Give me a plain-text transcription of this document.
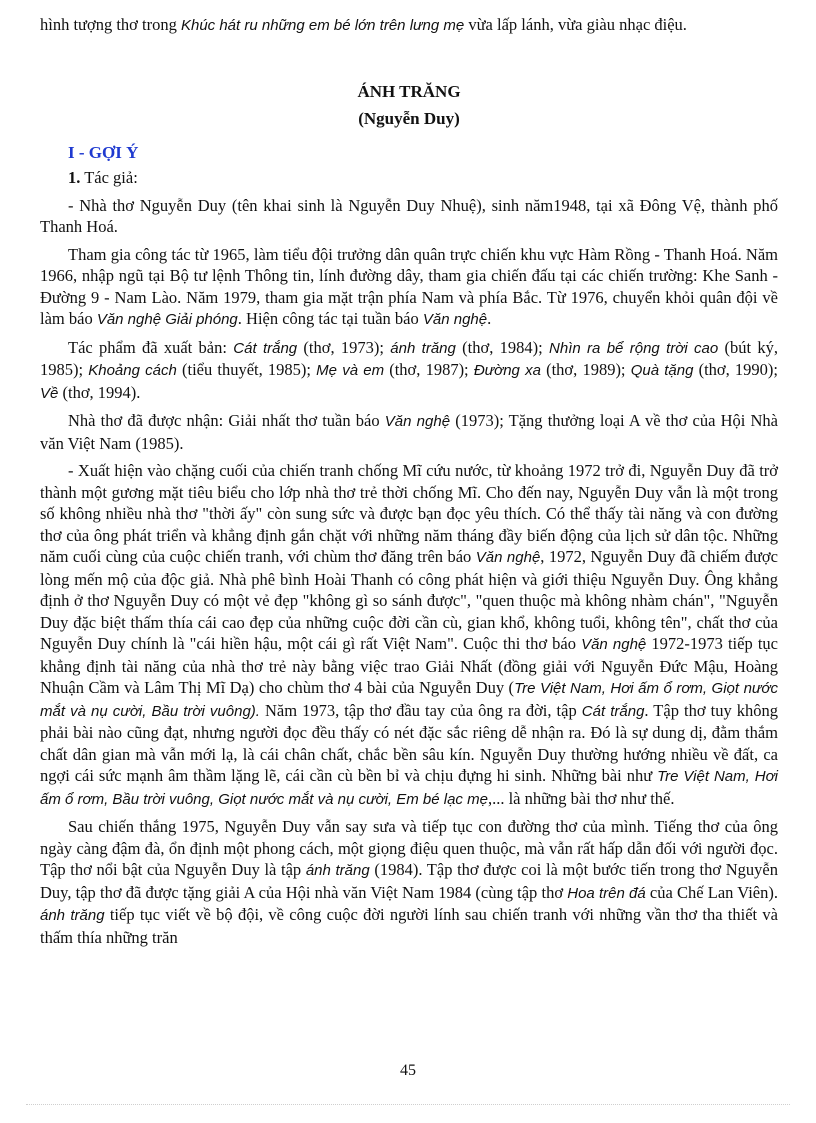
hình tượng thơ trong Khúc hát ru những em bé lớn trên lưng mẹ vừa lấp lánh, vừa giàu nhạc điệu.

ÁNH TRĂNG
(Nguyễn Duy)
I - GỢI Ý

1. Tác giả:

- Nhà thơ Nguyễn Duy (tên khai sinh là Nguyễn Duy Nhuệ), sinh năm1948, tại xã Đông Vệ, thành phố Thanh Hoá.

Tham gia công tác từ 1965, làm tiểu đội trưởng dân quân trực chiến khu vực Hàm Rồng - Thanh Hoá. Năm 1966, nhập ngũ tại Bộ tư lệnh Thông tin, lính đường dây, tham gia chiến đấu tại các chiến trường: Khe Sanh - Đường 9 - Nam Lào. Năm 1979, tham gia mặt trận phía Nam và phía Bắc. Từ 1976, chuyển khỏi quân đội về làm báo Văn nghệ Giải phóng. Hiện công tác tại tuần báo Văn nghệ.

Tác phẩm đã xuất bản: Cát trắng (thơ, 1973); ánh trăng (thơ, 1984); Nhìn ra bể rộng trời cao (bút ký, 1985); Khoảng cách (tiểu thuyết, 1985); Mẹ và em (thơ, 1987); Đường xa (thơ, 1989); Quà tặng (thơ, 1990); Về (thơ, 1994).

Nhà thơ đã được nhận: Giải nhất thơ tuần báo Văn nghệ (1973); Tặng thưởng loại A về thơ của Hội Nhà văn Việt Nam (1985).

- Xuất hiện vào chặng cuối của chiến tranh chống Mĩ cứu nước, từ khoảng 1972 trở đi, Nguyễn Duy đã trở thành một gương mặt tiêu biểu cho lớp nhà thơ trẻ thời chống Mĩ. Cho đến nay, Nguyễn Duy vẫn là một trong số không nhiều nhà thơ "thời ấy" còn sung sức và được bạn đọc yêu thích. Có thể thấy tài năng và con đường thơ của ông phát triển và khẳng định gắn chặt với những năm tháng đầy biến động của lịch sử dân tộc. Những năm cuối cùng của cuộc chiến tranh, với chùm thơ đăng trên báo Văn nghệ, 1972, Nguyễn Duy đã chiếm được lòng mến mộ của độc giả. Nhà phê bình Hoài Thanh có công phát hiện và giới thiệu Nguyễn Duy. Ông khẳng định ở thơ Nguyễn Duy có một vẻ đẹp "không gì so sánh được", "quen thuộc mà không nhàm chán", "Nguyễn Duy đặc biệt thấm thía cái cao đẹp của những cuộc đời cần cù, gian khổ, không tuổi, không tên", chất thơ của Nguyễn Duy chính là "cái hiền hậu, một cái gì rất Việt Nam". Cuộc thi thơ báo Văn nghệ 1972-1973 tiếp tục khẳng định tài năng của nhà thơ trẻ này bằng việc trao Giải Nhất (đồng giải với Nguyễn Đức Mậu, Hoàng Nhuận Cầm và Lâm Thị Mĩ Dạ) cho chùm thơ 4 bài của Nguyễn Duy (Tre Việt Nam, Hơi ấm ổ rơm, Giọt nước mắt và nụ cười, Bầu trời vuông). Năm 1973, tập thơ đầu tay của ông ra đời, tập Cát trắng. Tập thơ tuy không phải bài nào cũng đạt, nhưng người đọc đều thấy có nét đặc sắc riêng dễ nhận ra. Đó là sự dung dị, đằm thắm chất dân gian mà vẫn mới lạ, là cái chân chất, chắc bền sâu kín. Nguyễn Duy thường hướng nhiều về đất, ca ngợi cái sức mạnh âm thầm lặng lẽ, cái cần cù bền bỉ và chịu đựng hi sinh. Những bài như Tre Việt Nam, Hơi ấm ổ rơm, Bầu trời vuông, Giọt nước mắt và nụ cười, Em bé lạc mẹ,... là những bài thơ như thế.

Sau chiến thắng 1975, Nguyễn Duy vẫn say sưa và tiếp tục con đường thơ của mình. Tiếng thơ của ông ngày càng đậm đà, ổn định một phong cách, một giọng điệu quen thuộc, mà vẫn rất hấp dẫn đối với người đọc. Tập thơ nổi bật của Nguyễn Duy là tập ánh trăng (1984). Tập thơ được coi là một bước tiến trong thơ Nguyễn Duy, tập thơ đã được tặng giải A của Hội nhà văn Việt Nam 1984 (cùng tập thơ Hoa trên đá của Chế Lan Viên). ánh trăng tiếp tục viết về bộ đội, về công cuộc đời người lính sau chiến tranh với những vần thơ tha thiết và thấm thía những trăn

45
